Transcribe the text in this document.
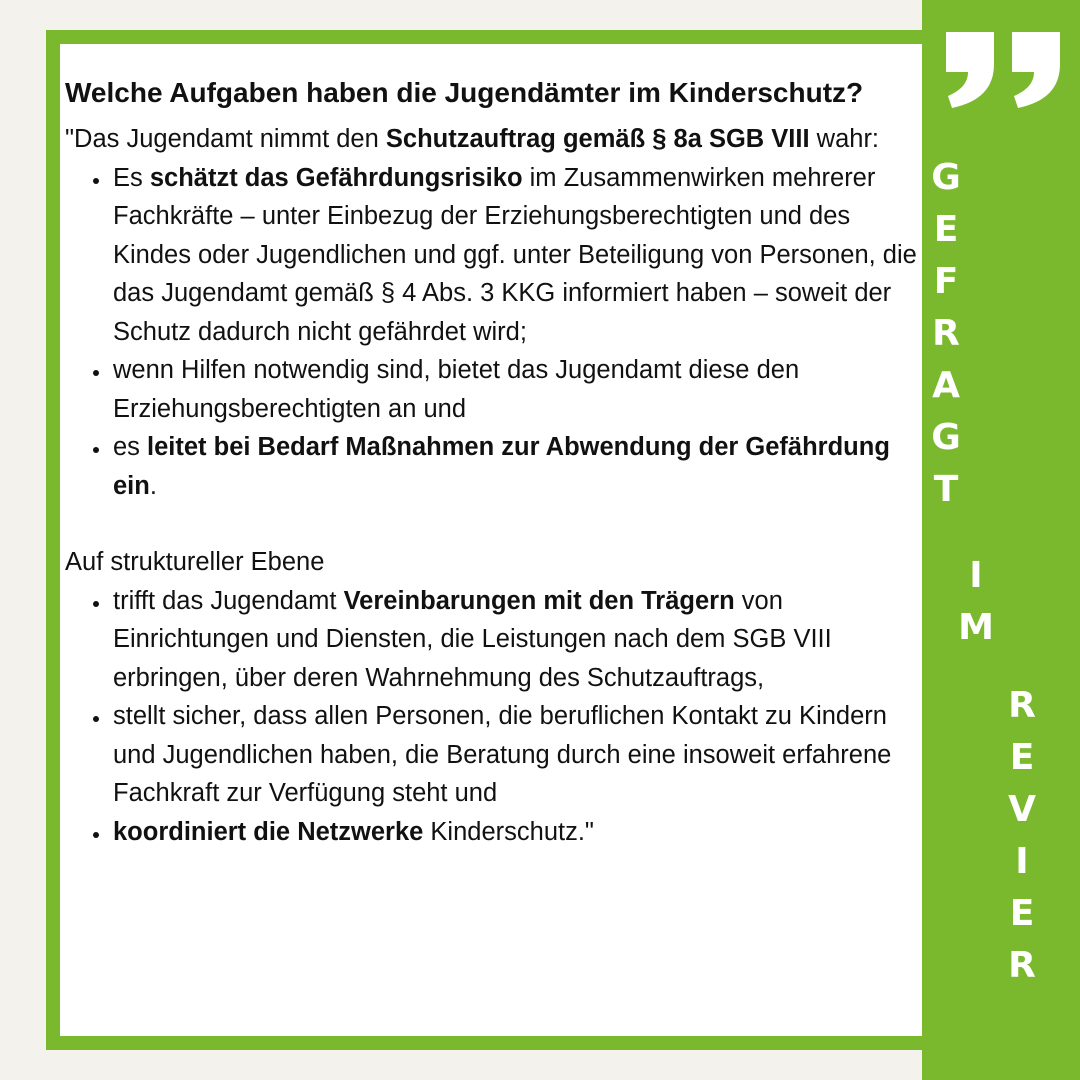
G
E
F
R
A
G
T
I
M
R
E
V
I
E
R
Welche Aufgaben haben die Jugendämter im Kinderschutz?

"Das Jugendamt nimmt den Schutzauftrag gemäß § 8a SGB VIII wahr:

• Es schätzt das Gefährdungsrisiko im Zusammenwirken mehrerer Fachkräfte – unter Einbezug der Erziehungsberechtigten und des Kindes oder Jugendlichen und ggf. unter Beteiligung von Personen, die das Jugendamt gemäß § 4 Abs. 3 KKG informiert haben – soweit der Schutz dadurch nicht gefährdet wird;
• wenn Hilfen notwendig sind, bietet das Jugendamt diese den Erziehungsberechtigten an und
• es leitet bei Bedarf Maßnahmen zur Abwendung der Gefährdung ein.

Auf struktureller Ebene

• trifft das Jugendamt Vereinbarungen mit den Trägern von Einrichtungen und Diensten, die Leistungen nach dem SGB VIII erbringen, über deren Wahrnehmung des Schutzauftrags,
• stellt sicher, dass allen Personen, die beruflichen Kontakt zu Kindern und Jugendlichen haben, die Beratung durch eine insoweit erfahrene Fachkraft zur Verfügung steht und
• koordiniert die Netzwerke Kinderschutz."
